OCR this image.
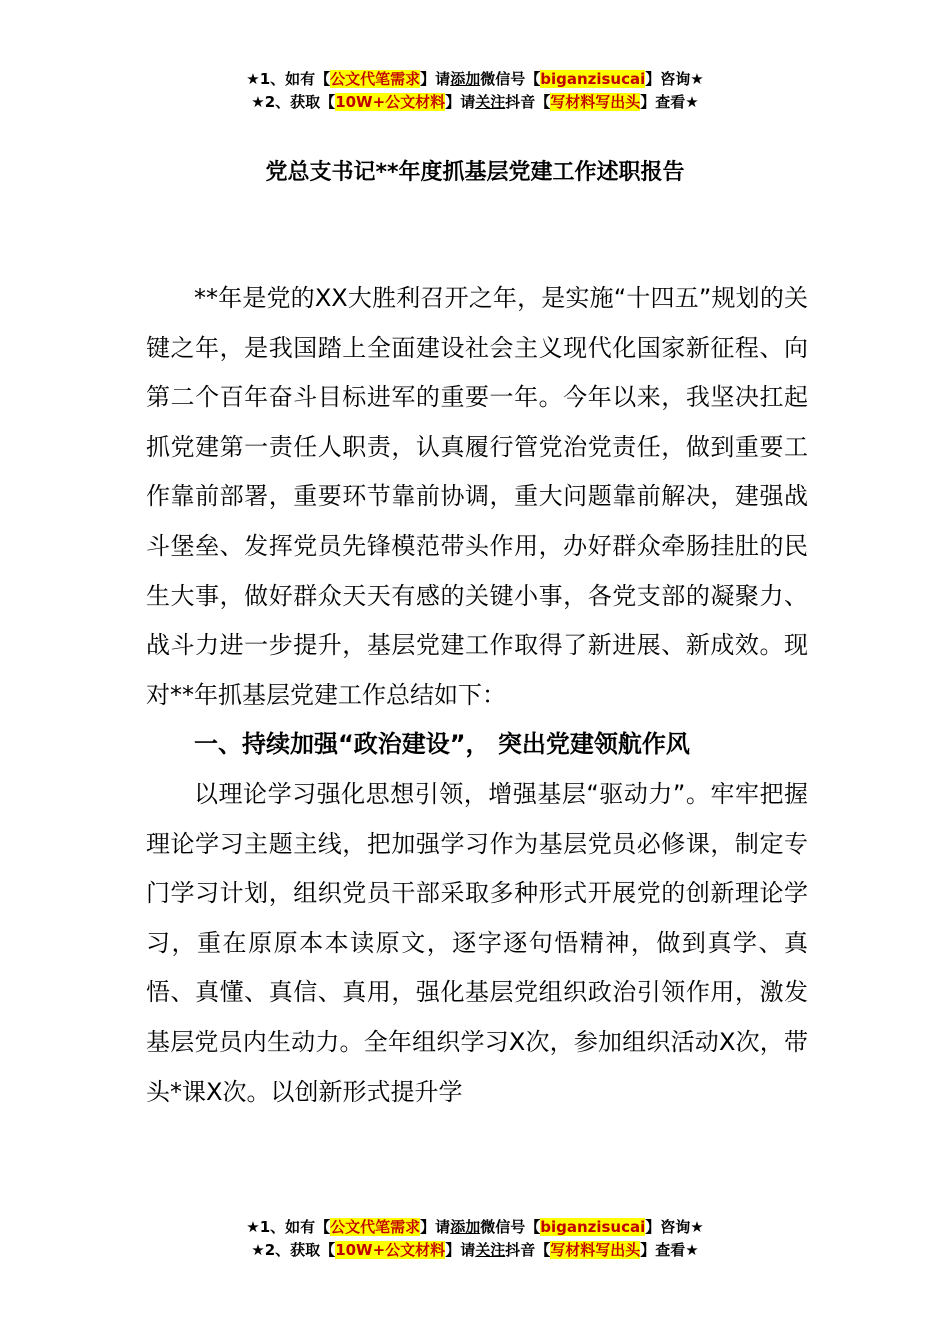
★1、如有【公文代笔需求】请添加微信号【biganzisucai】咨询★
★2、获取【10W+公文材料】请关注抖音【写材料写出头】查看★
党总支书记**年度抓基层党建工作述职报告

**年是党的XX大胜利召开之年，是实施“十四五”规划的关键之年，是我国踏上全面建设社会主义现代化国家新征程、向第二个百年奋斗目标进军的重要一年。今年以来，我坚决扛起抓党建第一责任人职责，认真履行管党治党责任，做到重要工作靠前部署，重要环节靠前协调，重大问题靠前解决，建强战斗堡垒、发挥党员先锋模范带头作用，办好群众牵肠挂肚的民生大事，做好群众天天有感的关键小事，各党支部的凝聚力、战斗力进一步提升，基层党建工作取得了新进展、新成效。现对**年抓基层党建工作总结如下：

一、持续加强“政治建设”， 突出党建领航作风

以理论学习强化思想引领，增强基层“驱动力”。牢牢把握理论学习主题主线，把加强学习作为基层党员必修课，制定专门学习计划，组织党员干部采取多种形式开展党的创新理论学习，重在原原本本读原文，逐字逐句悟精神，做到真学、真悟、真懂、真信、真用，强化基层党组织政治引领作用，激发基层党员内生动力。全年组织学习X次，参加组织活动X次，带头*课X次。以创新形式提升学

★1、如有【公文代笔需求】请添加微信号【biganzisucai】咨询★
★2、获取【10W+公文材料】请关注抖音【写材料写出头】查看★
